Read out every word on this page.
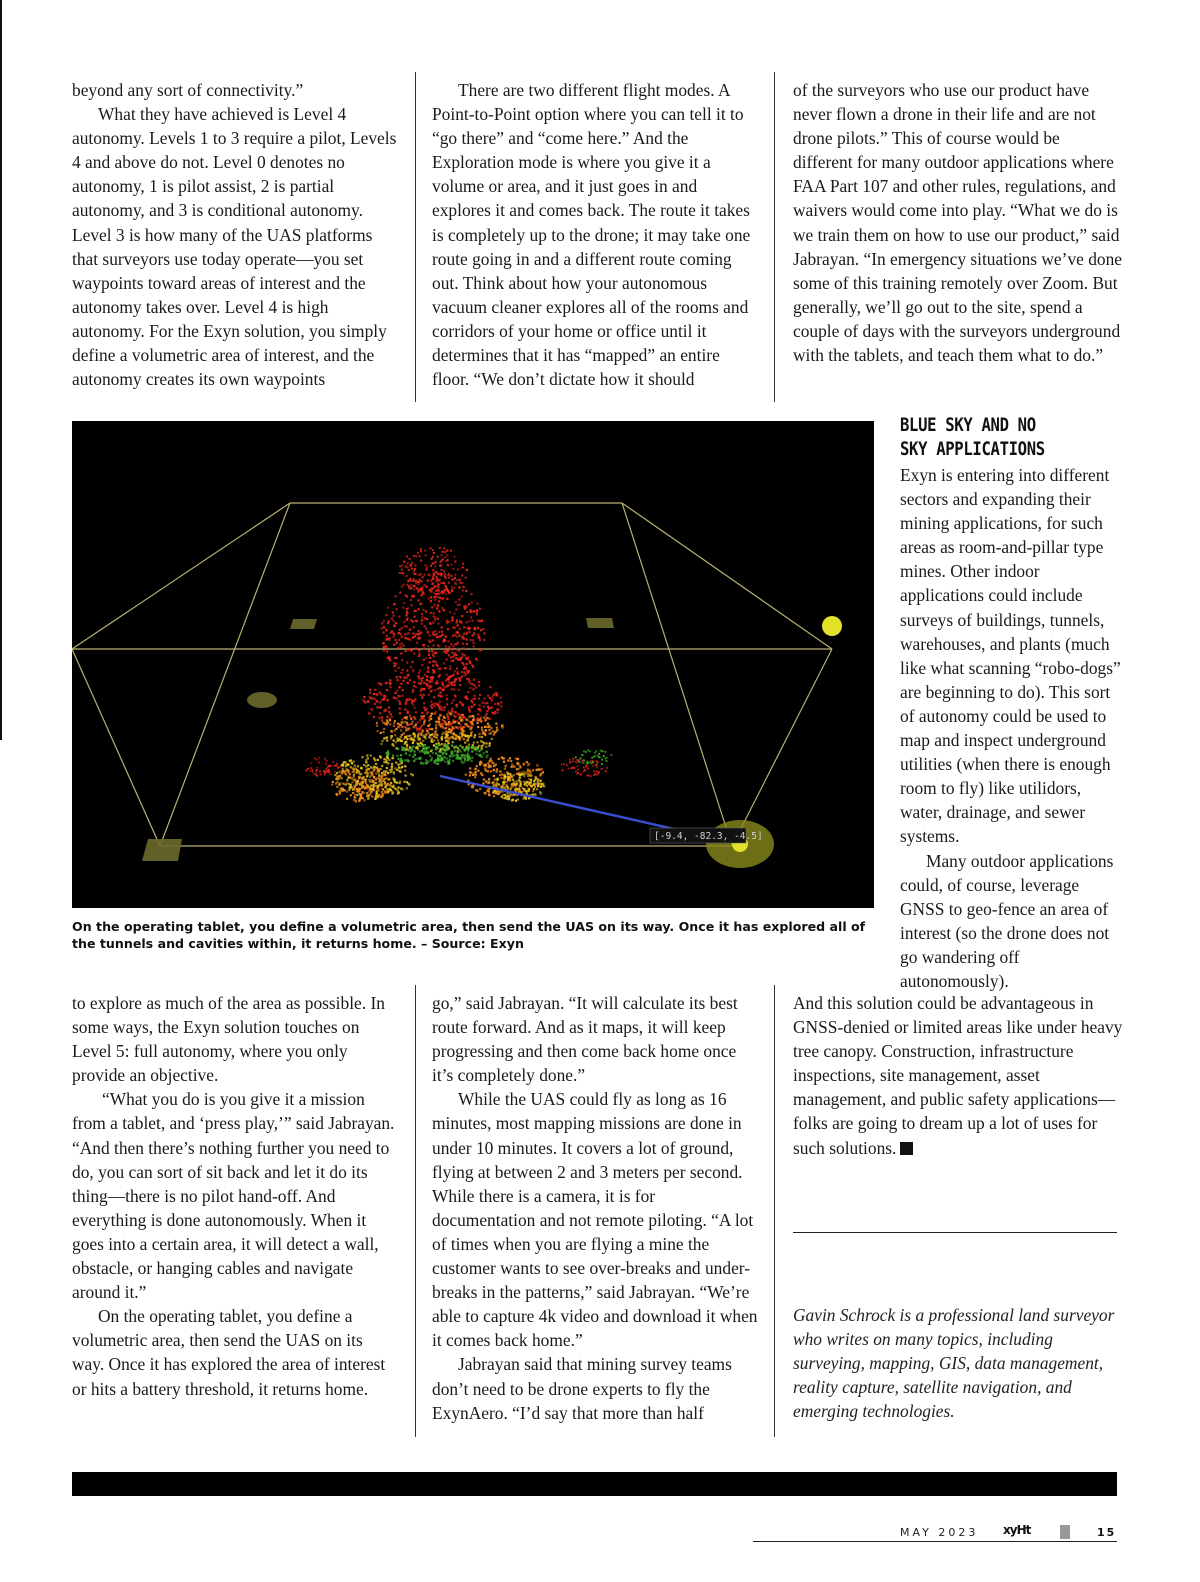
beyond any sort of connectivity.”

What they have achieved is Level 4 autonomy. Levels 1 to 3 require a pilot, Levels 4 and above do not. Level 0 denotes no autonomy, 1 is pilot assist, 2 is partial autonomy, and 3 is conditional autonomy. Level 3 is how many of the UAS platforms that surveyors use today operate—you set waypoints toward areas of interest and the autonomy takes over. Level 4 is high autonomy. For the Exyn solution, you simply define a volumetric area of interest, and the autonomy creates its own waypoints

There are two different flight modes. A Point-to-Point option where you can tell it to “go there” and “come here.” And the Exploration mode is where you give it a volume or area, and it just goes in and explores it and comes back. The route it takes is completely up to the drone; it may take one route going in and a different route coming out. Think about how your autonomous vacuum cleaner explores all of the rooms and corridors of your home or office until it determines that it has “mapped” an entire floor. “We don’t dictate how it should

of the surveyors who use our product have never flown a drone in their life and are not drone pilots.” This of course would be different for many outdoor applications where FAA Part 107 and other rules, regulations, and waivers would come into play. “What we do is we train them on how to use our product,” said Jabrayan. “In emergency situations we’ve done some of this training remotely over Zoom. But generally, we’ll go out to the site, spend a couple of days with the surveyors underground with the tablets, and teach them what to do.”

[-9.4, -82.3, -4.5]
On the operating tablet, you define a volumetric area, then send the UAS on its way. Once it has explored all of the tunnels and cavities within, it returns home. – Source: Exyn
BLUE SKY AND NO SKY APPLICATIONS

Exyn is entering into different sectors and expanding their mining applications, for such areas as room-and-pillar type mines. Other indoor applications could include surveys of buildings, tunnels, warehouses, and plants (much like what scanning “robo-dogs” are beginning to do). This sort of autonomy could be used to map and inspect underground utilities (when there is enough room to fly) like utilidors, water, drainage, and sewer systems.

Many outdoor applications could, of course, leverage GNSS to geo-fence an area of interest (so the drone does not go wandering off autonomously).

to explore as much of the area as possible. In some ways, the Exyn solution touches on Level 5: full autonomy, where you only provide an objective.

“What you do is you give it a mission from a tablet, and ‘press play,’” said Jabrayan. “And then there’s nothing further you need to do, you can sort of sit back and let it do its thing—there is no pilot hand-off. And everything is done autonomously. When it goes into a certain area, it will detect a wall, obstacle, or hanging cables and navigate around it.”

On the operating tablet, you define a volumetric area, then send the UAS on its way. Once it has explored the area of interest or hits a battery threshold, it returns home.

go,” said Jabrayan. “It will calculate its best route forward. And as it maps, it will keep progressing and then come back home once it’s completely done.”

While the UAS could fly as long as 16 minutes, most mapping missions are done in under 10 minutes. It covers a lot of ground, flying at between 2 and 3 meters per second. While there is a camera, it is for documentation and not remote piloting. “A lot of times when you are flying a mine the customer wants to see over-breaks and under-breaks in the patterns,” said Jabrayan. “We’re able to capture 4k video and download it when it comes back home.”

Jabrayan said that mining survey teams don’t need to be drone experts to fly the ExynAero. “I’d say that more than half

And this solution could be advantageous in GNSS-denied or limited areas like under heavy tree canopy. Construction, infrastructure inspections, site management, asset management, and public safety applications—folks are going to dream up a lot of uses for such solutions.

Gavin Schrock is a professional land surveyor who writes on many topics, including surveying, mapping, GIS, data management, reality capture, satellite navigation, and emerging technologies.
MAY 2023 xyHt	15
